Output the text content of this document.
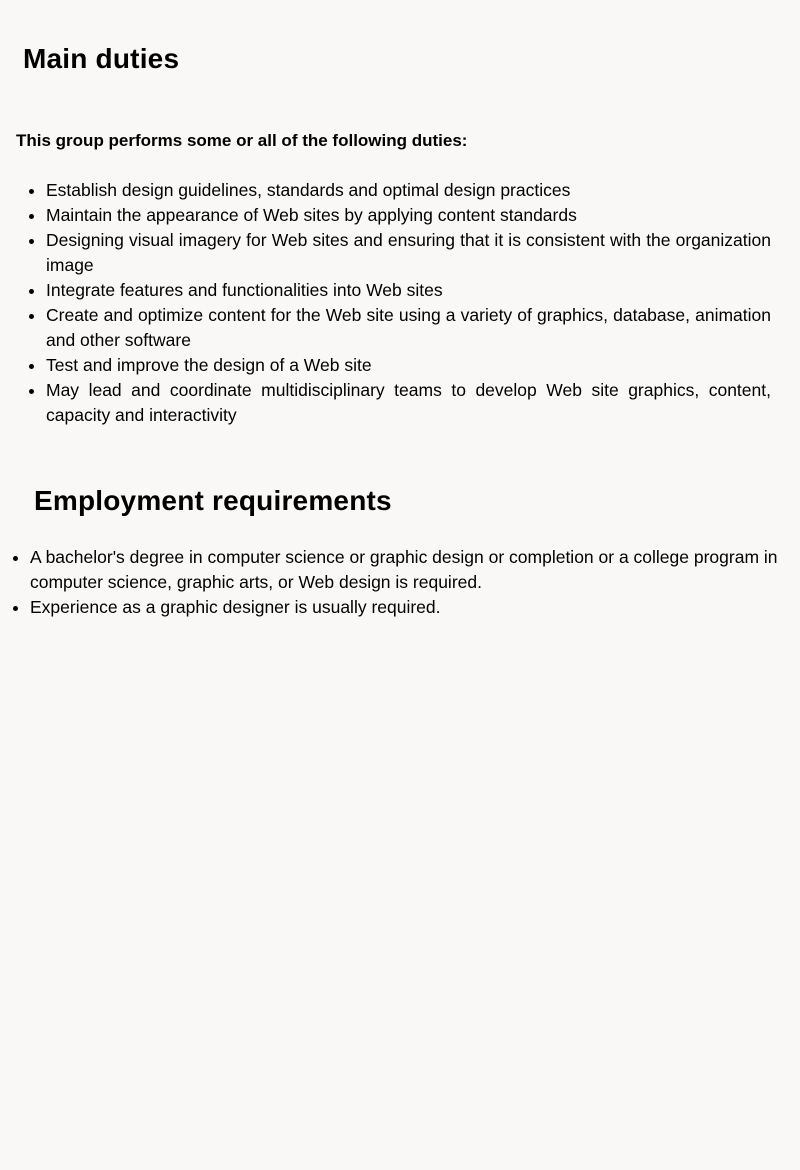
Main duties

This group performs some or all of the following duties:

• Establish design guidelines, standards and optimal design practices
• Maintain the appearance of Web sites by applying content standards
• Designing visual imagery for Web sites and ensuring that it is consistent with the organization image
• Integrate features and functionalities into Web sites
• Create and optimize content for the Web site using a variety of graphics, database, animation and other software
• Test and improve the design of a Web site
• May lead and coordinate multidisciplinary teams to develop Web site graphics, content, capacity and interactivity
Employment requirements
• A bachelor's degree in computer science or graphic design or completion or a college program in computer science, graphic arts, or Web design is required.
• Experience as a graphic designer is usually required.
